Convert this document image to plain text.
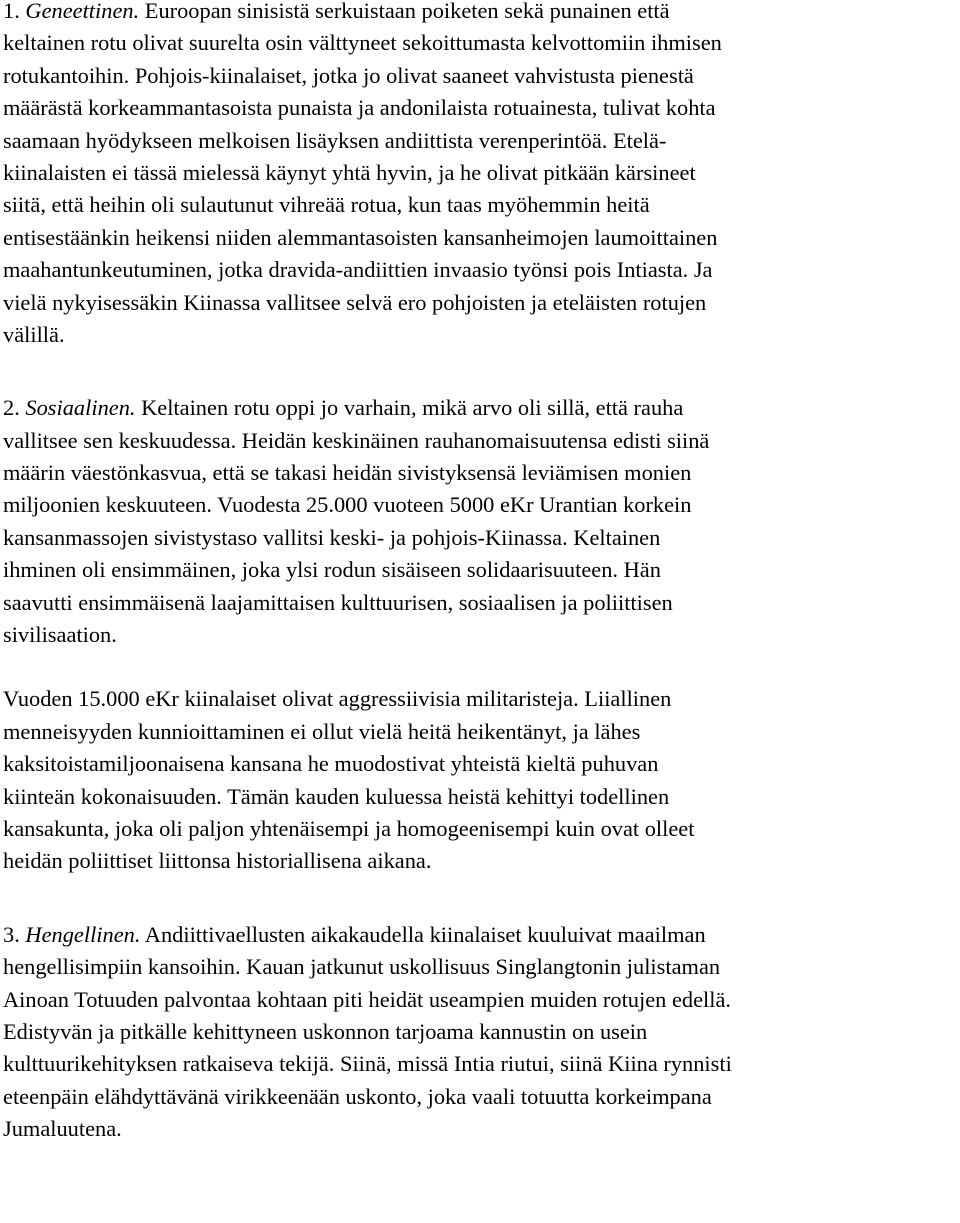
1. Geneettinen. Euroopan sinisistä serkuistaan poiketen sekä punainen että
keltainen rotu olivat suurelta osin välttyneet sekoittumasta kelvottomiin ihmisen
rotukantoihin. Pohjois-kiinalaiset, jotka jo olivat saaneet vahvistusta pienestä
määrästä korkeammantasoista punaista ja andonilaista rotuainesta, tulivat kohta
saamaan hyödykseen melkoisen lisäyksen andiittista verenperintöä. Etelä-
kiinalaisten ei tässä mielessä käynyt yhtä hyvin, ja he olivat pitkään kärsineet
siitä, että heihin oli sulautunut vihreää rotua, kun taas myöhemmin heitä
entisestäänkin heikensi niiden alemmantasoisten kansanheimojen laumoittainen
maahantunkeutuminen, jotka dravida-andiittien invaasio työnsi pois Intiasta. Ja
vielä nykyisessäkin Kiinassa vallitsee selvä ero pohjoisten ja eteläisten rotujen
välillä.
2. Sosiaalinen. Keltainen rotu oppi jo varhain, mikä arvo oli sillä, että rauha
vallitsee sen keskuudessa. Heidän keskinäinen rauhanomaisuutensa edisti siinä
määrin väestönkasvua, että se takasi heidän sivistyksensä leviämisen monien
miljoonien keskuuteen. Vuodesta 25.000 vuoteen 5000 eKr Urantian korkein
kansanmassojen sivistystaso vallitsi keski- ja pohjois-Kiinassa. Keltainen
ihminen oli ensimmäinen, joka ylsi rodun sisäiseen solidaarisuuteen. Hän
saavutti ensimmäisenä laajamittaisen kulttuurisen, sosiaalisen ja poliittisen
sivilisaation.
Vuoden 15.000 eKr kiinalaiset olivat aggressiivisia militaristeja. Liiallinen
menneisyyden kunnioittaminen ei ollut vielä heitä heikentänyt, ja lähes
kaksitoistamiljoonaisena kansana he muodostivat yhteistä kieltä puhuvan
kiinteän kokonaisuuden. Tämän kauden kuluessa heistä kehittyi todellinen
kansakunta, joka oli paljon yhtenäisempi ja homogeenisempi kuin ovat olleet
heidän poliittiset liittonsa historiallisena aikana.
3. Hengellinen. Andiittivaellusten aikakaudella kiinalaiset kuuluivat maailman
hengellisimpiin kansoihin. Kauan jatkunut uskollisuus Singlangtonin julistaman
Ainoan Totuuden palvontaa kohtaan piti heidät useampien muiden rotujen edellä.
Edistyvän ja pitkälle kehittyneen uskonnon tarjoama kannustin on usein
kulttuurikehityksen ratkaiseva tekijä. Siinä, missä Intia riutui, siinä Kiina rynnisti
eteenpäin elähdyttävänä virikkeenään uskonto, joka vaali totuutta korkeimpana
Jumaluutena.
